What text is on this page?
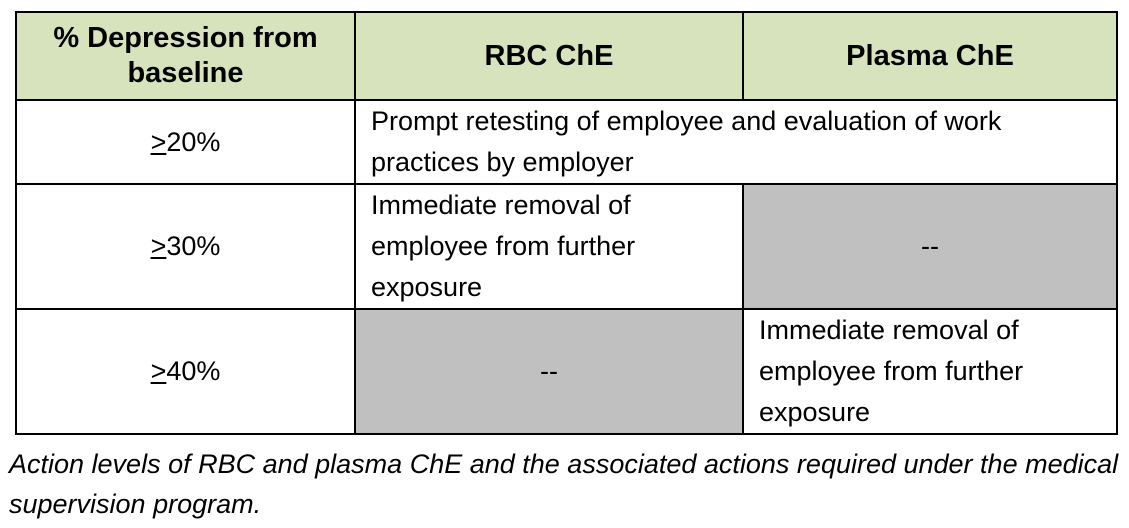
% Depression from baseline	RBC ChE	Plasma ChE
≥20%	Prompt retesting of employee and evaluation of work practices by employer	
≥30%	Immediate removal of employee from further exposure	--
≥40%	--	Immediate removal of employee from further exposure

Action levels of RBC and plasma ChE and the associated actions required under the medical supervision program.
